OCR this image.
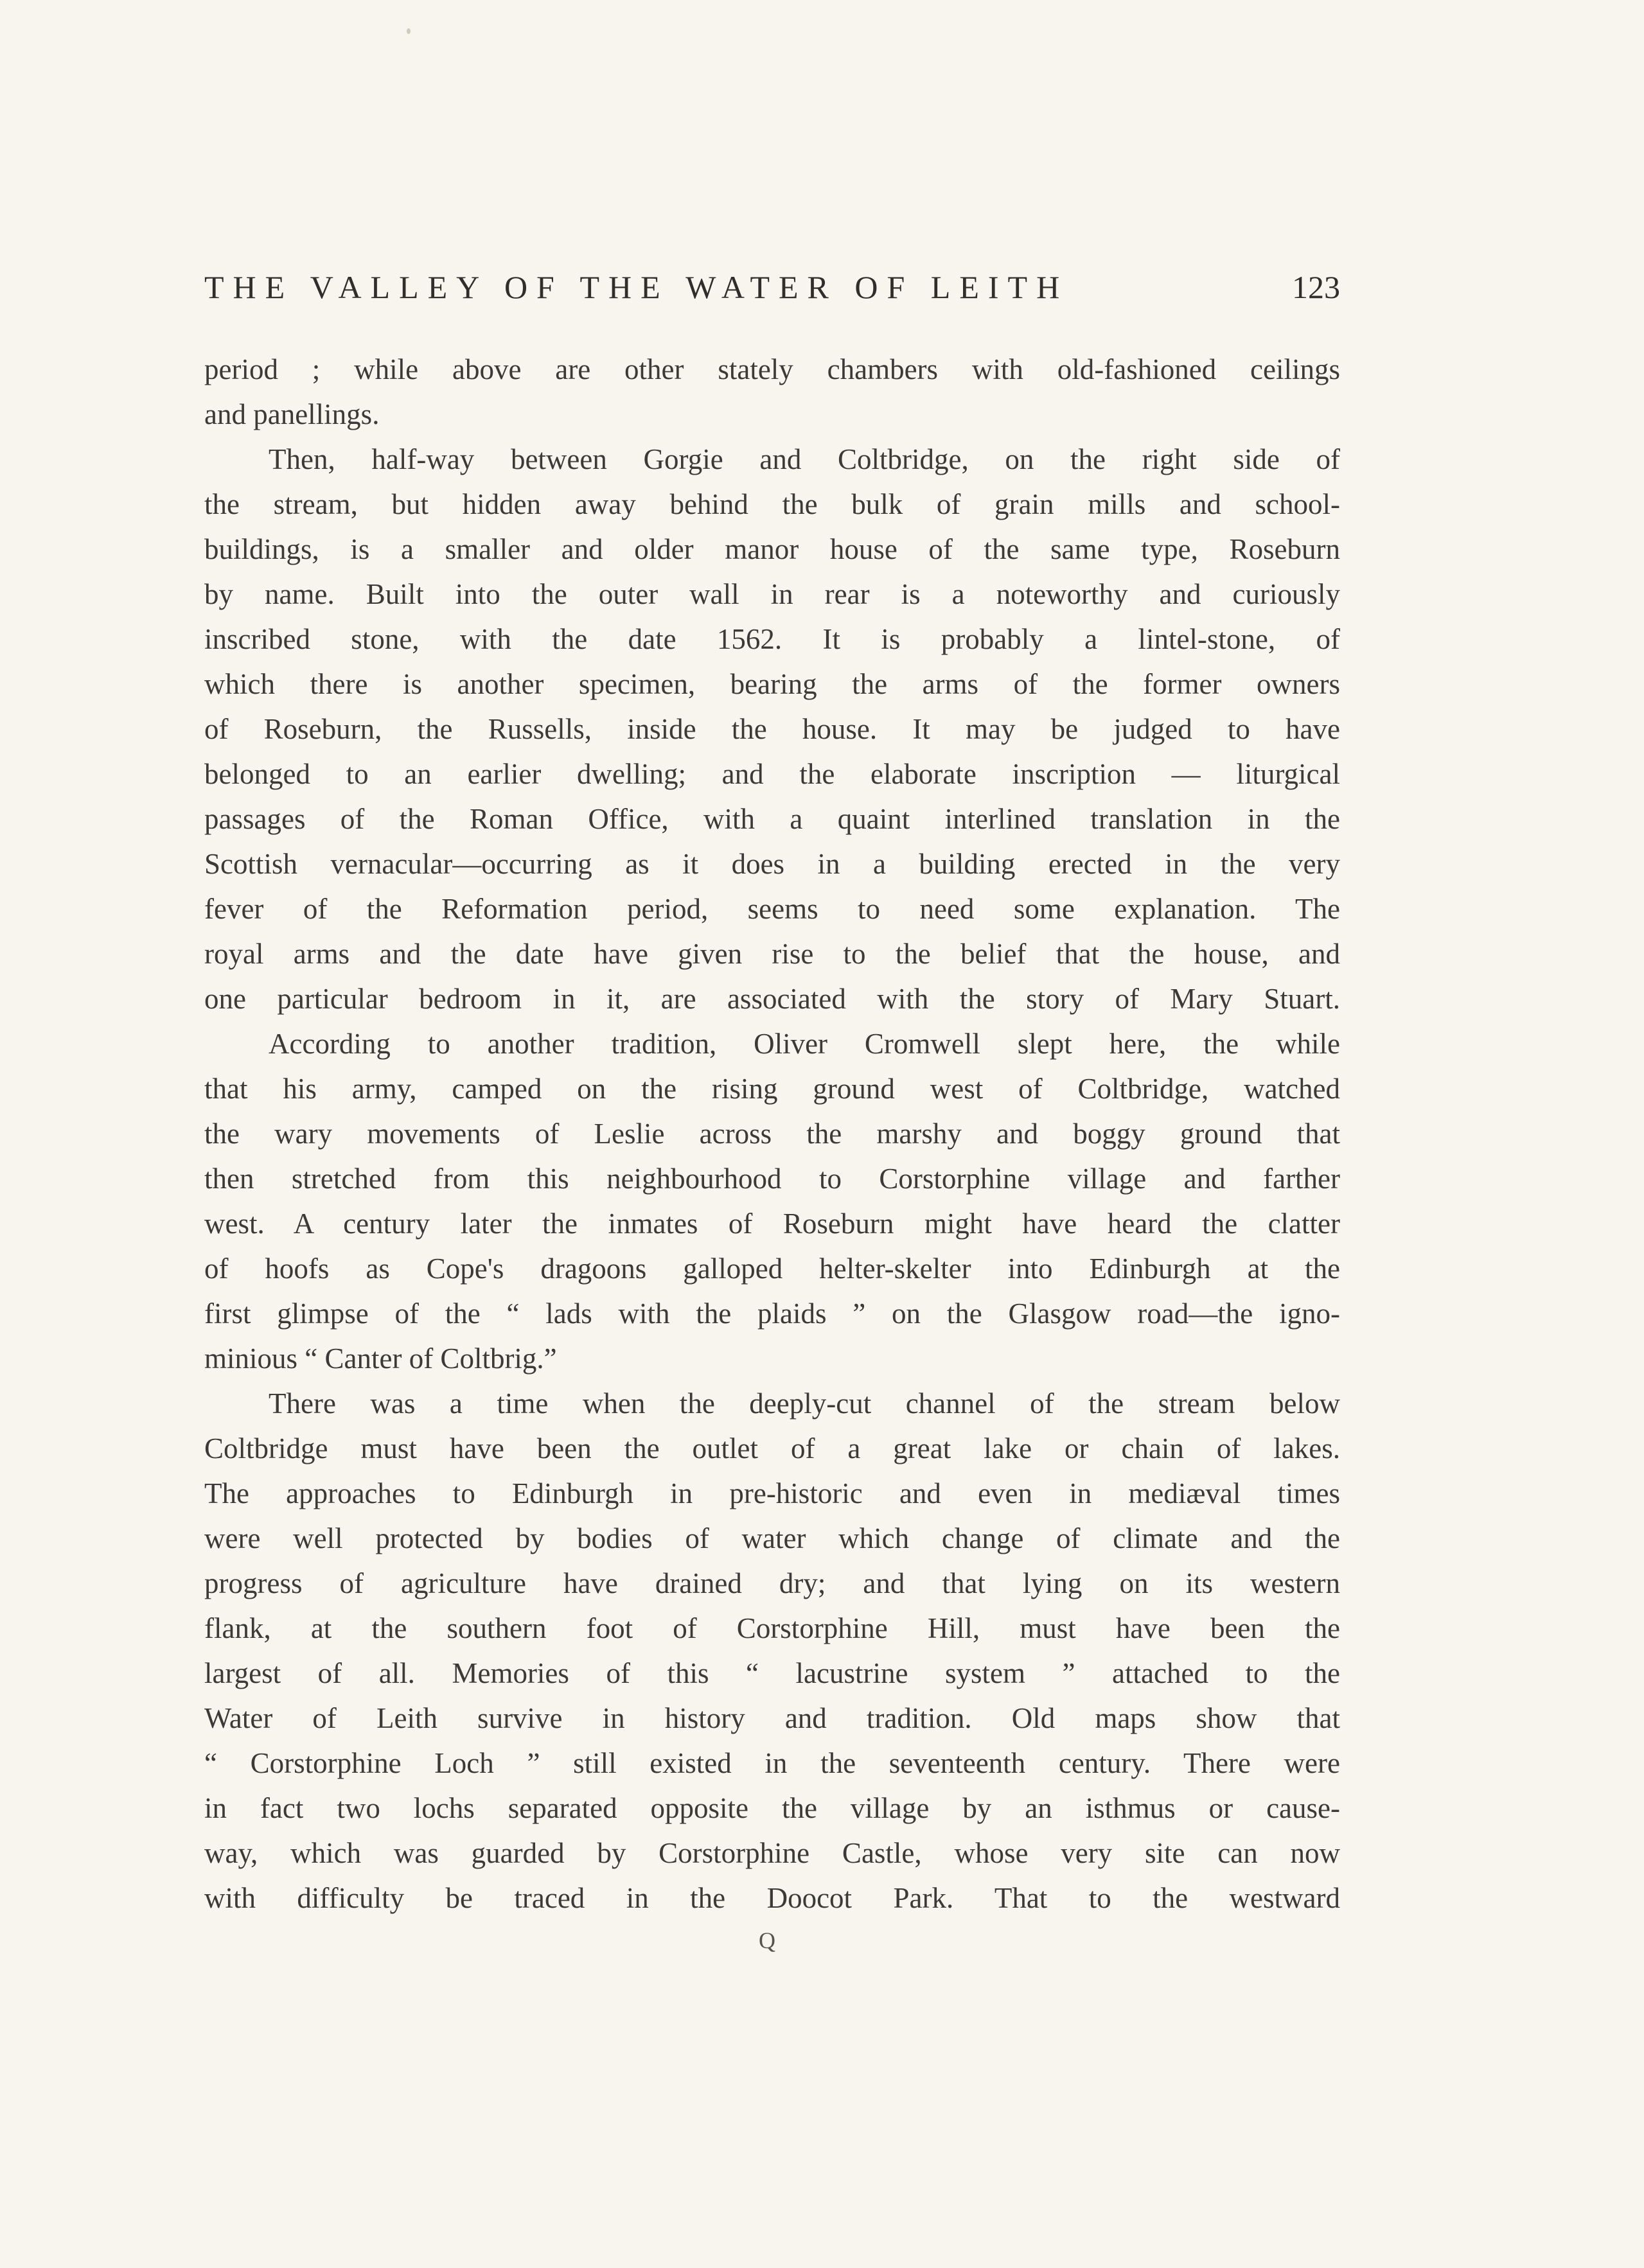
THE VALLEY OF THE WATER OF LEITH	123
period ; while above are other stately chambers with old-fashioned ceilings
and panellings.
Then, half-way between Gorgie and Coltbridge, on the right side of
the stream, but hidden away behind the bulk of grain mills and school-
buildings, is a smaller and older manor house of the same type, Roseburn
by name. Built into the outer wall in rear is a noteworthy and curiously
inscribed stone, with the date 1562. It is probably a lintel-stone, of
which there is another specimen, bearing the arms of the former owners
of Roseburn, the Russells, inside the house. It may be judged to have
belonged to an earlier dwelling; and the elaborate inscription — liturgical
passages of the Roman Office, with a quaint interlined translation in the
Scottish vernacular—occurring as it does in a building erected in the very
fever of the Reformation period, seems to need some explanation. The
royal arms and the date have given rise to the belief that the house, and
one particular bedroom in it, are associated with the story of Mary Stuart.
According to another tradition, Oliver Cromwell slept here, the while
that his army, camped on the rising ground west of Coltbridge, watched
the wary movements of Leslie across the marshy and boggy ground that
then stretched from this neighbourhood to Corstorphine village and farther
west. A century later the inmates of Roseburn might have heard the clatter
of hoofs as Cope's dragoons galloped helter-skelter into Edinburgh at the
first glimpse of the “ lads with the plaids ” on the Glasgow road—the igno-
minious “ Canter of Coltbrig.”
There was a time when the deeply-cut channel of the stream below
Coltbridge must have been the outlet of a great lake or chain of lakes.
The approaches to Edinburgh in pre-historic and even in mediæval times
were well protected by bodies of water which change of climate and the
progress of agriculture have drained dry; and that lying on its western
flank, at the southern foot of Corstorphine Hill, must have been the
largest of all. Memories of this “ lacustrine system ” attached to the
Water of Leith survive in history and tradition. Old maps show that
“ Corstorphine Loch ” still existed in the seventeenth century. There were
in fact two lochs separated opposite the village by an isthmus or cause-
way, which was guarded by Corstorphine Castle, whose very site can now
with difficulty be traced in the Doocot Park. That to the westward
Q
